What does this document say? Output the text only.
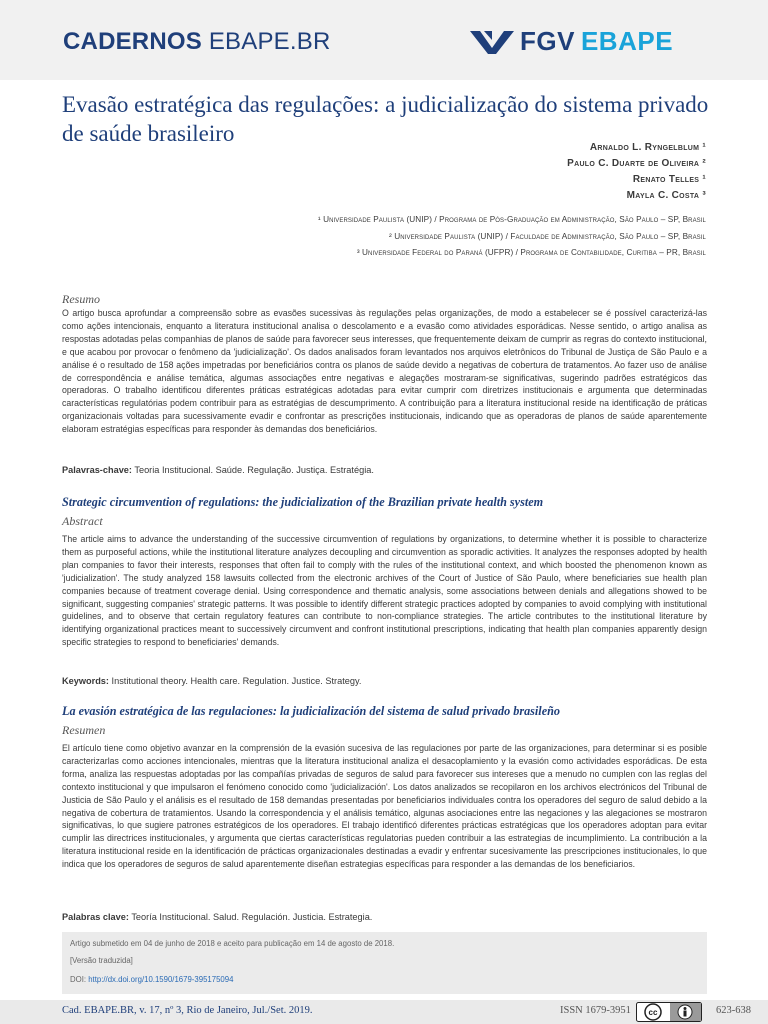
CADERNOS EBAPE.BR	FGV EBAPE
Evasão estratégica das regulações: a judicialização do sistema privado de saúde brasileiro
Arnaldo L. Ryngelblum ¹
Paulo C. Duarte de Oliveira ²
Renato Telles ¹
Mayla C. Costa ³
¹ Universidade Paulista (UNIP) / Programa de Pós-Graduação em Administração, São Paulo – SP, Brasil
² Universidade Paulista (UNIP) / Faculdade de Administração, São Paulo – SP, Brasil
³ Universidade Federal do Paraná (UFPR) / Programa de Contabilidade, Curitiba – PR, Brasil
Resumo

O artigo busca aprofundar a compreensão sobre as evasões sucessivas às regulações pelas organizações, de modo a estabelecer se é possível caracterizá-las como ações intencionais, enquanto a literatura institucional analisa o descolamento e a evasão como atividades esporádicas. Nesse sentido, o artigo analisa as respostas adotadas pelas companhias de planos de saúde para favorecer seus interesses, que frequentemente deixam de cumprir as regras do contexto institucional, e que acabou por provocar o fenômeno da 'judicialização'. Os dados analisados foram levantados nos arquivos eletrônicos do Tribunal de Justiça de São Paulo e a análise é o resultado de 158 ações impetradas por beneficiários contra os planos de saúde devido a negativas de cobertura de tratamentos. Ao fazer uso de análise de correspondência e análise temática, algumas associações entre negativas e alegações mostraram-se significativas, sugerindo padrões estratégicos das operadoras. O trabalho identificou diferentes práticas estratégicas adotadas para evitar cumprir com diretrizes institucionais e argumenta que determinadas características regulatórias podem contribuir para as estratégias de descumprimento. A contribuição para a literatura institucional reside na identificação de práticas organizacionais voltadas para sucessivamente evadir e confrontar as prescrições institucionais, indicando que as operadoras de planos de saúde aparentemente elaboram estratégias específicas para responder às demandas dos beneficiários.

Palavras-chave: Teoria Institucional. Saúde. Regulação. Justiça. Estratégia.
Strategic circumvention of regulations: the judicialization of the Brazilian private health system
Abstract

The article aims to advance the understanding of the successive circumvention of regulations by organizations, to determine whether it is possible to characterize them as purposeful actions, while the institutional literature analyzes decoupling and circumvention as sporadic activities. It analyzes the responses adopted by health plan companies to favor their interests, responses that often fail to comply with the rules of the institutional context, and which boosted the phenomenon known as 'judicialization'. The study analyzed 158 lawsuits collected from the electronic archives of the Court of Justice of São Paulo, where beneficiaries sue health plan companies because of treatment coverage denial. Using correspondence and thematic analysis, some associations between denials and allegations showed to be significant, suggesting companies' strategic patterns. It was possible to identify different strategic practices adopted by companies to avoid complying with institutional guidelines, and to observe that certain regulatory features can contribute to non-compliance strategies. The article contributes to the institutional literature by identifying organizational practices meant to successively circumvent and confront institutional prescriptions, indicating that health plan companies apparently design specific strategies to respond to beneficiaries' demands.

Keywords: Institutional theory. Health care. Regulation. Justice. Strategy.
La evasión estratégica de las regulaciones: la judicialización del sistema de salud privado brasileño
Resumen

El artículo tiene como objetivo avanzar en la comprensión de la evasión sucesiva de las regulaciones por parte de las organizaciones, para determinar si es posible caracterizarlas como acciones intencionales, mientras que la literatura institucional analiza el desacoplamiento y la evasión como actividades esporádicas. De esta forma, analiza las respuestas adoptadas por las compañías privadas de seguros de salud para favorecer sus intereses que a menudo no cumplen con las reglas del contexto institucional y que impulsaron el fenómeno conocido como 'judicialización'. Los datos analizados se recopilaron en los archivos electrónicos del Tribunal de Justicia de São Paulo y el análisis es el resultado de 158 demandas presentadas por beneficiarios individuales contra los operadores del seguro de salud debido a la negativa de cobertura de tratamientos. Usando la correspondencia y el análisis temático, algunas asociaciones entre las negaciones y las alegaciones se mostraron significativas, lo que sugiere patrones estratégicos de los operadores. El trabajo identificó diferentes prácticas estratégicas que los operadores adoptan para evitar cumplir las directrices institucionales, y argumenta que ciertas características regulatorias pueden contribuir a las estrategias de incumplimiento. La contribución a la literatura institucional reside en la identificación de prácticas organizacionales destinadas a evadir y enfrentar sucesivamente las prescripciones institucionales, lo que indica que los operadores de seguros de salud aparentemente diseñan estrategias específicas para responder a las demandas de los beneficiarios.

Palabras clave: Teoría Institucional. Salud. Regulación. Justicia. Estrategia.
Artigo submetido em 04 de junho de 2018 e aceito para publicação em 14 de agosto de 2018.
[Versão traduzida]
DOI: http://dx.doi.org/10.1590/1679-395175094
Cad. EBAPE.BR, v. 17, nº 3, Rio de Janeiro, Jul./Set. 2019.	ISSN 1679-3951 cc	623-638
